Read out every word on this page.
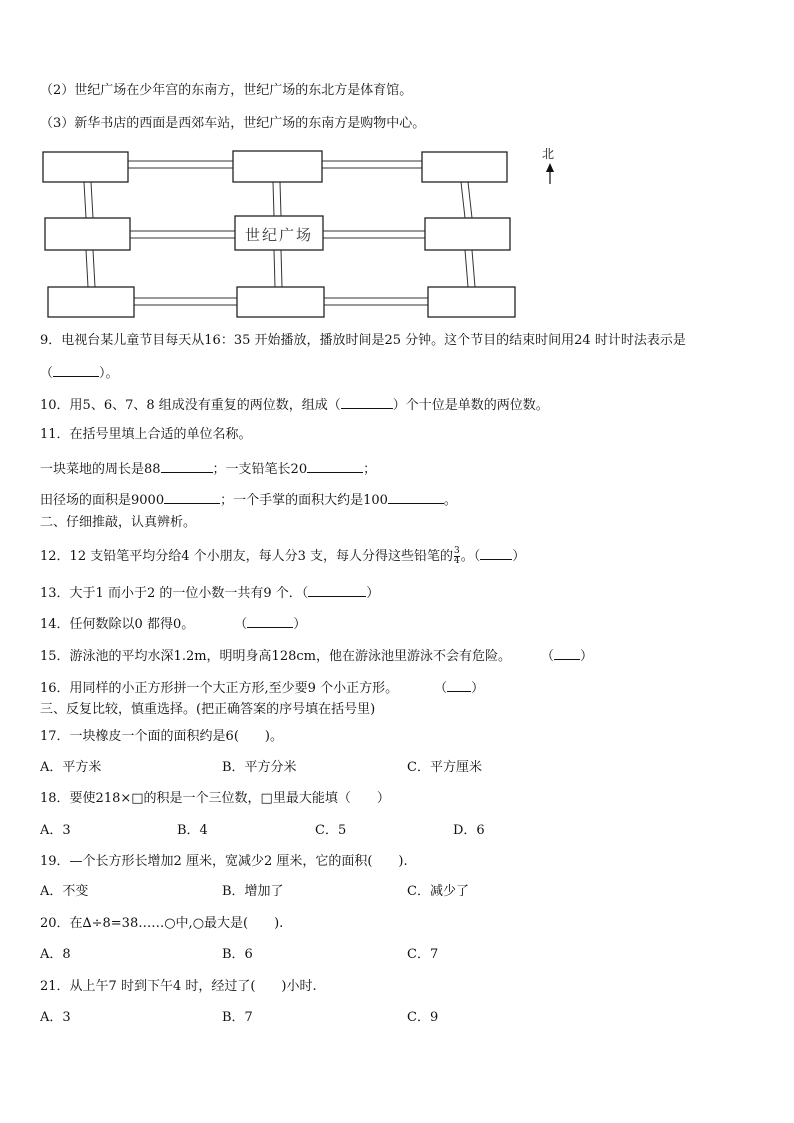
（2）世纪广场在少年宫的东南方，世纪广场的东北方是体育馆。
（3）新华书店的西面是西郊车站，世纪广场的东南方是购物中心。
世纪广场
北
9．电视台某儿童节目每天从16：35 开始播放，播放时间是25 分钟。这个节目的结束时间用24 时计时法表示是
（	）。
10．用5、6、7、8 组成没有重复的两位数，组成（	）个十位是单数的两位数。
11．在括号里填上合适的单位名称。
一块菜地的周长是88	；一支铅笔长20	；
田径场的面积是9000	；一个手掌的面积大约是100	。
二、仔细推敲，认真辨析。
12．12 支铅笔平均分给4 个小朋友，每人分3 支，每人分得这些铅笔的 $\frac{3}{4}$ 。（ ）
13．大于1 而小于2 的一位小数一共有9 个．（	）
14．任何数除以0 都得0。	（	）
15．游泳池的平均水深1.2m，明明身高128cm，他在游泳池里游泳不会有危险。 （ ）
16．用同样的小正方形拼一个大正方形,至少要9 个小正方形。	（ ）
三、反复比较，慎重选择。(把正确答案的序号填在括号里)
17．一块橡皮一个面的面积约是6(　　)。
A．平方米	B．平方分米	C．平方厘米
18．要使218×□的积是一个三位数，□里最大能填（　　）
A．3	B．4	C．5	D．6
19．—个长方形长增加2 厘米，宽减少2 厘米，它的面积(　　).
A．不变	B．增加了	C．减少了
20．在∆÷8=38……○中,○最大是(　　).
A．8	B．6	C．7
21．从上午7 时到下午4 时，经过了(　　)小时.
A．3	B．7	C．9
